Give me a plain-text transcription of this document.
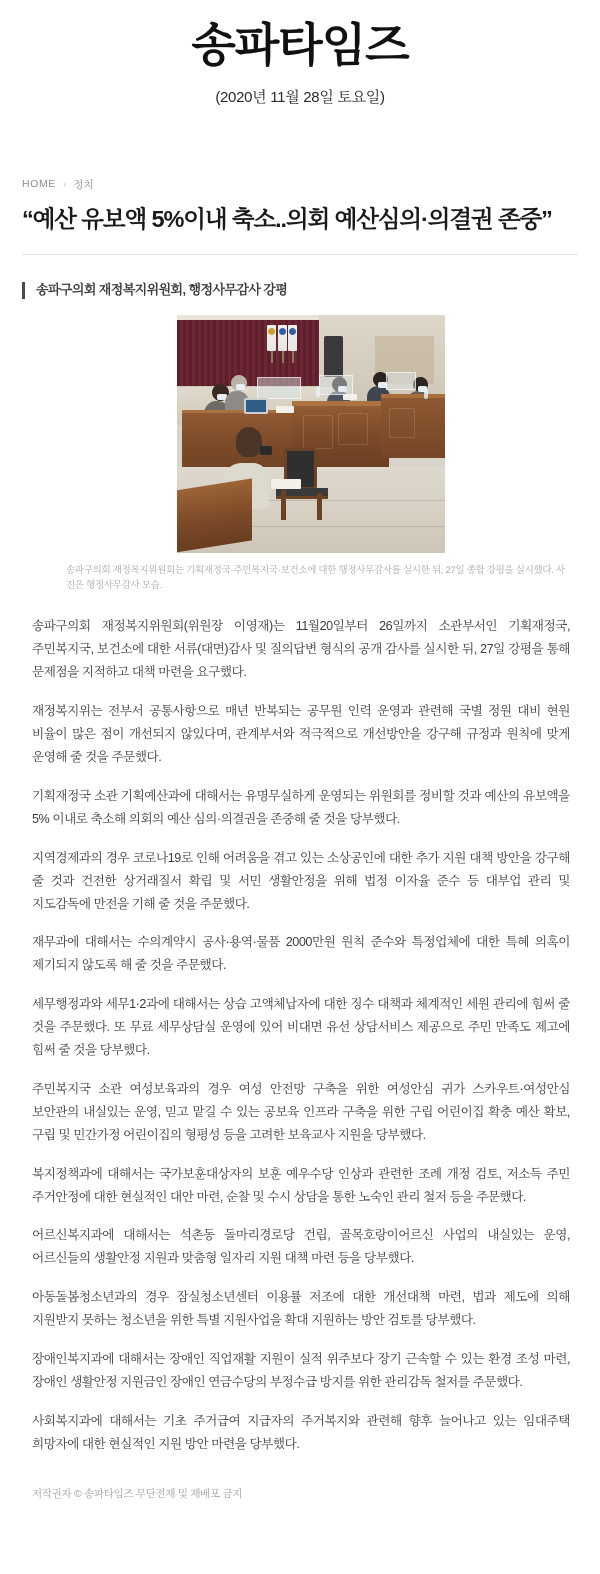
송파타임즈
(2020년 11월 28일 토요일)
HOME › 정치
“예산 유보액 5%이내 축소..의회 예산심의·의결권 존중”
송파구의회 재정복지위원회, 행정사무감사 강평
송파구의회 재정복지위원회는 기획재정국·주민복지국·보건소에 대한 행정사무감사를 실시한 뒤, 27일 종합 강평을 실시했다. 사진은 행정사무감사 모습.

송파구의회 재정복지위원회(위원장 이영재)는 11월20일부터 26일까지 소관부서인 기획재정국, 주민복지국, 보건소에 대한 서류(대면)감사 및 질의답변 형식의 공개 감사를 실시한 뒤, 27일 강평을 통해 문제점을 지적하고 대책 마련을 요구했다.

재정복지위는 전부서 공통사항으로 매년 반복되는 공무원 인력 운영과 관련해 국별 정원 대비 현원 비율이 많은 점이 개선되지 않있다며, 관계부서와 적극적으로 개선방안을 강구해 규정과 원칙에 맞게 운영해 줄 것을 주문했다.

기획재정국 소관 기획예산과에 대해서는 유명무실하게 운영되는 위원회를 정비할 것과 예산의 유보액을 5% 이내로 축소해 의회의 예산 심의·의결권을 존중해 줄 것을 당부했다.

지역경제과의 경우 코로나19로 인해 어려움을 겪고 있는 소상공인에 대한 추가 지원 대책 방안을 강구해 줄 것과 건전한 상거래질서 확립 및 서민 생활안정을 위해 법정 이자율 준수 등 대부업 관리 및 지도감독에 만전을 기해 줄 것을 주문했다.

재무과에 대해서는 수의계약시 공사·용역·물품 2000만원 원칙 준수와 특정업체에 대한 특혜 의혹이 제기되지 않도록 해 줄 것을 주문했다.

세무행정과와 세무1·2과에 대해서는 상습 고액체납자에 대한 징수 대책과 체계적인 세원 관리에 힘써 줄 것을 주문했다. 또 무료 세무상담실 운영에 있어 비대면 유선 상담서비스 제공으로 주민 만족도 제고에 힘써 줄 것을 당부했다.

주민복지국 소관 여성보육과의 경우 여성 안전망 구축을 위한 여성안심 귀가 스카우트·여성안심 보안관의 내실있는 운영, 믿고 맡길 수 있는 공보육 인프라 구축을 위한 구립 어린이집 확충 예산 확보, 구립 및 민간가정 어린이집의 형평성 등을 고려한 보육교사 지원을 당부했다.

복지정책과에 대해서는 국가보훈대상자의 보훈 예우수당 인상과 관련한 조례 개정 검토, 저소득 주민 주거안정에 대한 현실적인 대안 마련, 순찰 및 수시 상담을 통한 노숙인 관리 철저 등을 주문했다.

어르신복지과에 대해서는 석촌동 돌마리경로당 건립, 골목호랑이어르신 사업의 내실있는 운영, 어르신들의 생활안정 지원과 맞춤형 일자리 지원 대책 마련 등을 당부했다.

아동돌봄청소년과의 경우 잠실청소년센터 이용률 저조에 대한 개선대책 마련, 법과 제도에 의해 지원받지 못하는 청소년을 위한 특별 지원사업을 확대 지원하는 방안 검토를 당부했다.

장애인복지과에 대해서는 장애인 직업재활 지원이 실적 위주보다 장기 근속할 수 있는 환경 조성 마련, 장애인 생활안정 지원금인 장애인 연금수당의 부정수급 방지를 위한 관리감독 철저를 주문했다.

사회복지과에 대해서는 기초 주거급여 지급자의 주거복지와 관련해 향후 늘어나고 있는 임대주택 희망자에 대한 현실적인 지원 방안 마련을 당부했다.

저작권자 © 송파타임즈 무단전재 및 재배포 금지
